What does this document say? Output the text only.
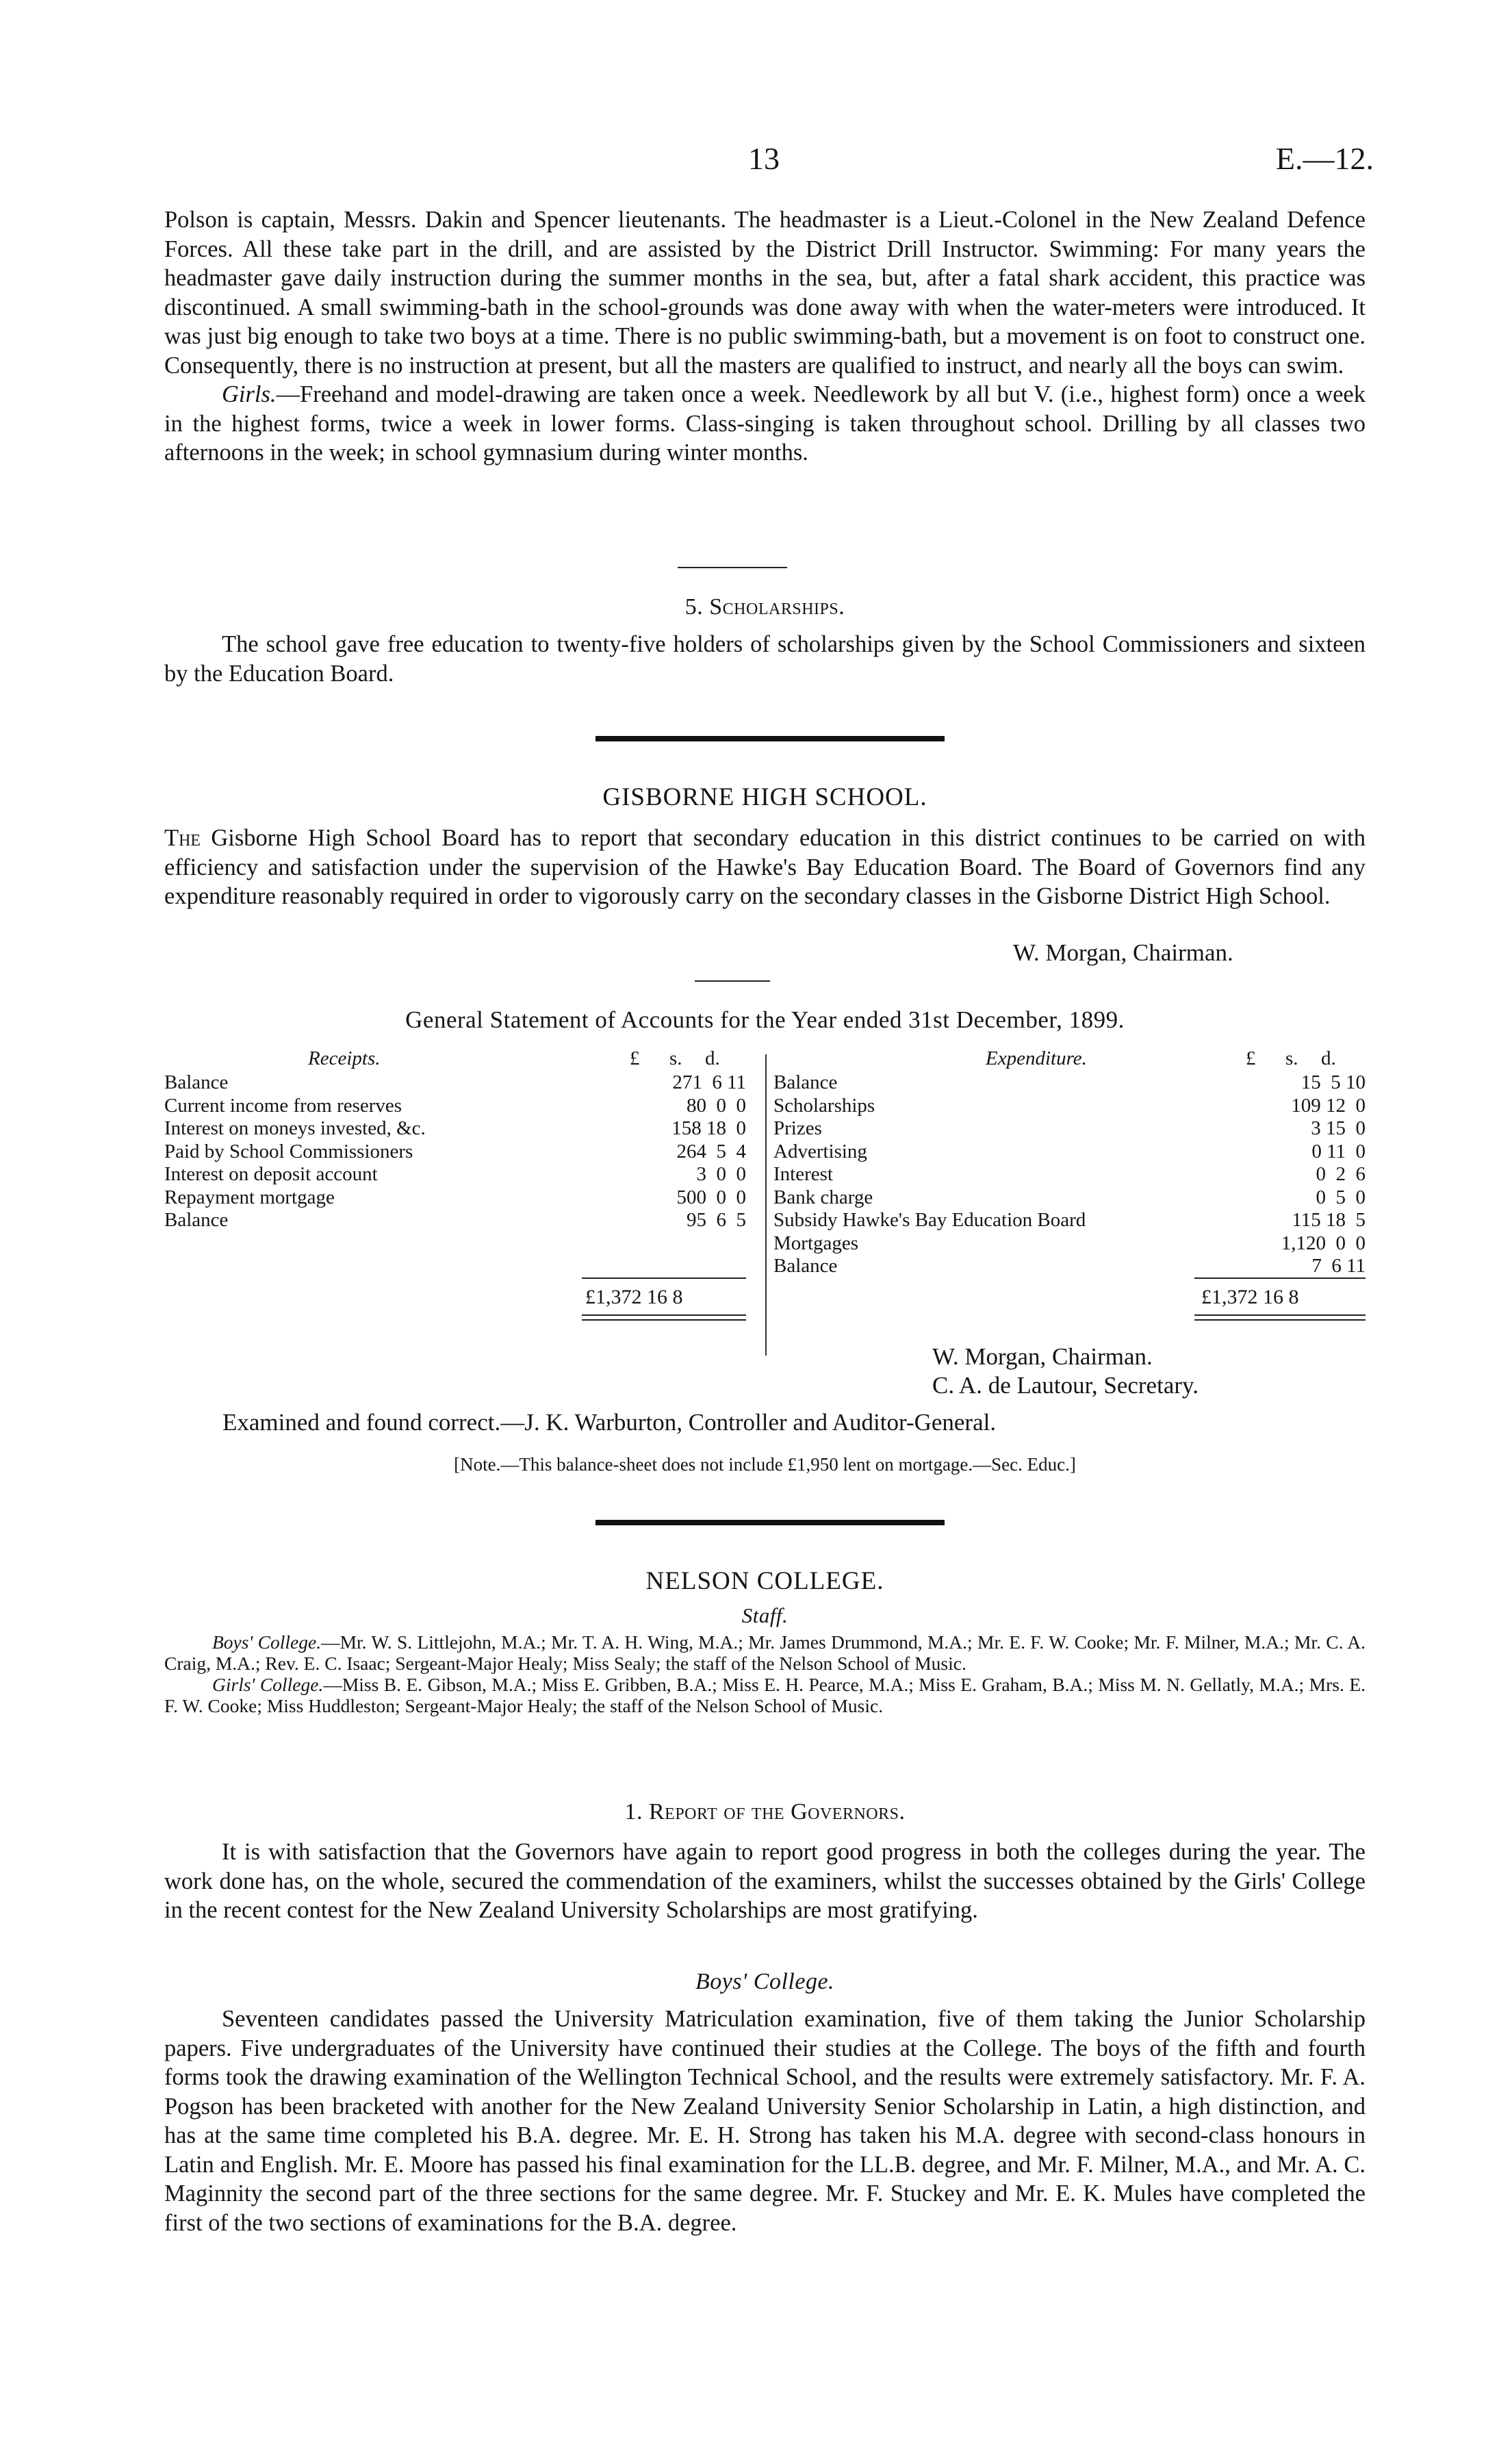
13	E.—12.

Polson is captain, Messrs. Dakin and Spencer lieutenants. The headmaster is a Lieut.-Colonel in the New Zealand Defence Forces. All these take part in the drill, and are assisted by the District Drill Instructor. Swimming: For many years the headmaster gave daily instruction during the summer months in the sea, but, after a fatal shark accident, this practice was discontinued. A small swimming-bath in the school-grounds was done away with when the water-meters were introduced. It was just big enough to take two boys at a time. There is no public swimming-bath, but a movement is on foot to construct one. Consequently, there is no instruction at present, but all the masters are qualified to instruct, and nearly all the boys can swim.

Girls.—Freehand and model-drawing are taken once a week. Needlework by all but V. (i.e., highest form) once a week in the highest forms, twice a week in lower forms. Class-singing is taken throughout school. Drilling by all classes two afternoons in the week; in school gymnasium during winter months.

5. Scholarships.

The school gave free education to twenty-five holders of scholarships given by the School Commissioners and sixteen by the Education Board.

GISBORNE HIGH SCHOOL.

The Gisborne High School Board has to report that secondary education in this district continues to be carried on with efficiency and satisfaction under the supervision of the Hawke's Bay Education Board. The Board of Governors find any expenditure reasonably required in order to vigorously carry on the secondary classes in the Gisborne District High School.

W. Morgan, Chairman.
General Statement of Accounts for the Year ended 31st December, 1899.
Receipts.	£ s. d.
Balance	271  6 11
Current income from reserves	80  0  0
Interest on moneys invested, &c.	158 18  0
Paid by School Commissioners	264  5  4
Interest on deposit account	3  0  0
Repayment mortgage	500  0  0
Balance	95  6  5
Expenditure.	£ s. d.
Balance	15  5 10
Scholarships	109 12  0
Prizes	3 15  0
Advertising	0 11  0
Interest	0  2  6
Bank charge	0  5  0
Subsidy Hawke's Bay Education Board	115 18  5
Mortgages	1,120  0  0
Balance	7  6 11
£1,372 16 8	£1,372 16 8
W. Morgan, Chairman.
C. A. de Lautour, Secretary.
Examined and found correct.—J. K. Warburton, Controller and Auditor-General.
[Note.—This balance-sheet does not include £1,950 lent on mortgage.—Sec. Educ.]
NELSON COLLEGE.
Staff.

Boys' College.—Mr. W. S. Littlejohn, M.A.; Mr. T. A. H. Wing, M.A.; Mr. James Drummond, M.A.; Mr. E. F. W. Cooke; Mr. F. Milner, M.A.; Mr. C. A. Craig, M.A.; Rev. E. C. Isaac; Sergeant-Major Healy; Miss Sealy; the staff of the Nelson School of Music.

Girls' College.—Miss B. E. Gibson, M.A.; Miss E. Gribben, B.A.; Miss E. H. Pearce, M.A.; Miss E. Graham, B.A.; Miss M. N. Gellatly, M.A.; Mrs. E. F. W. Cooke; Miss Huddleston; Sergeant-Major Healy; the staff of the Nelson School of Music.

1. Report of the Governors.

It is with satisfaction that the Governors have again to report good progress in both the colleges during the year. The work done has, on the whole, secured the commendation of the examiners, whilst the successes obtained by the Girls' College in the recent contest for the New Zealand University Scholarships are most gratifying.

Boys' College.

Seventeen candidates passed the University Matriculation examination, five of them taking the Junior Scholarship papers. Five undergraduates of the University have continued their studies at the College. The boys of the fifth and fourth forms took the drawing examination of the Wellington Technical School, and the results were extremely satisfactory. Mr. F. A. Pogson has been bracketed with another for the New Zealand University Senior Scholarship in Latin, a high distinction, and has at the same time completed his B.A. degree. Mr. E. H. Strong has taken his M.A. degree with second-class honours in Latin and English. Mr. E. Moore has passed his final examination for the LL.B. degree, and Mr. F. Milner, M.A., and Mr. A. C. Maginnity the second part of the three sections for the same degree. Mr. F. Stuckey and Mr. E. K. Mules have completed the first of the two sections of examinations for the B.A. degree.
